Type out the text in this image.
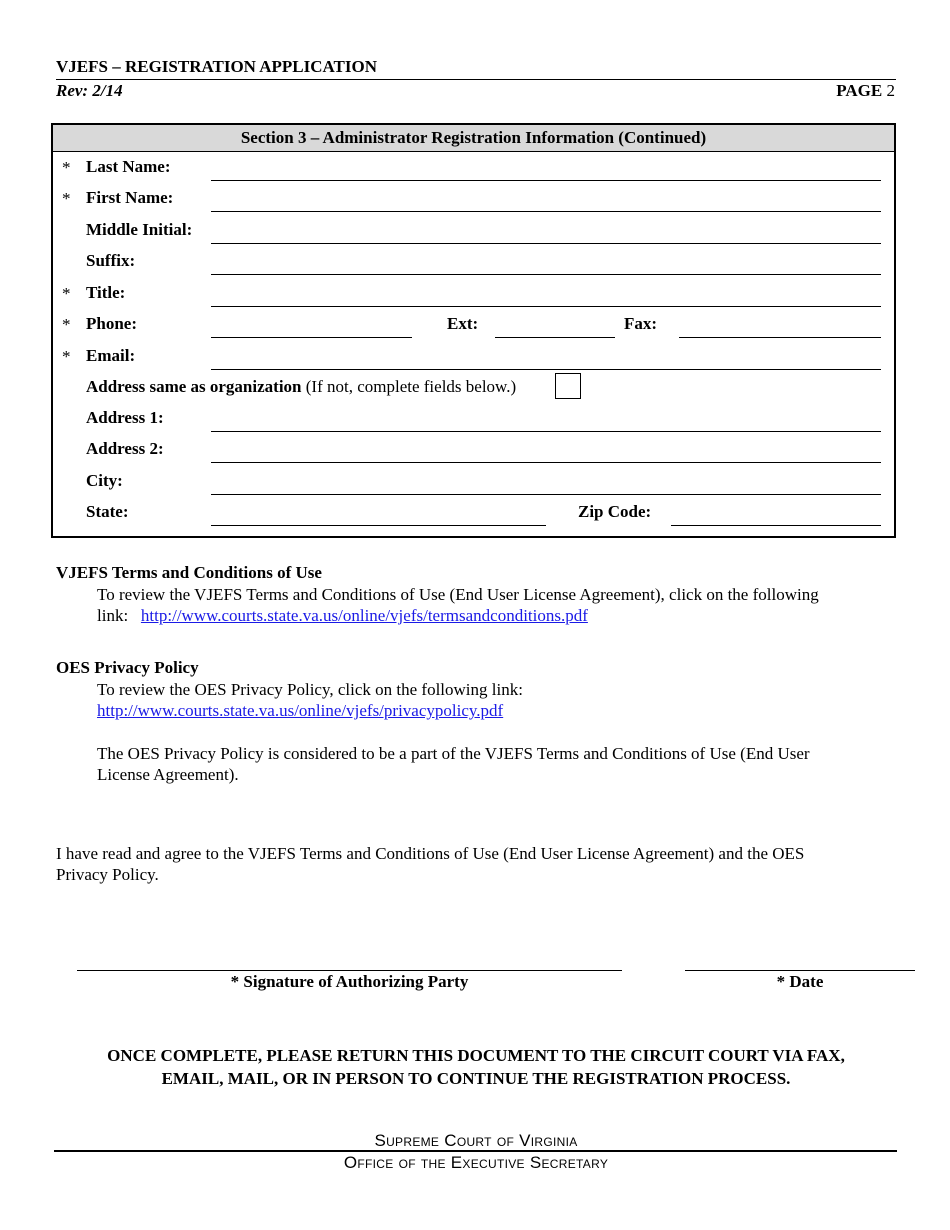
VJEFS – REGISTRATION APPLICATION
Rev: 2/14	PAGE 2
Section 3 – Administrator Registration Information (Continued)
* Last Name:
* First Name:
Middle Initial:
Suffix:
* Title:
* Phone:	Ext:	Fax:
* Email:
Address same as organization (If not, complete fields below.)
Address 1:
Address 2:
City:
State:	Zip Code:
VJEFS Terms and Conditions of Use
To review the VJEFS Terms and Conditions of Use (End User License Agreement), click on the following
link: http://www.courts.state.va.us/online/vjefs/termsandconditions.pdf
OES Privacy Policy
To review the OES Privacy Policy, click on the following link:
http://www.courts.state.va.us/online/vjefs/privacypolicy.pdf
The OES Privacy Policy is considered to be a part of the VJEFS Terms and Conditions of Use (End User
License Agreement).
I have read and agree to the VJEFS Terms and Conditions of Use (End User License Agreement) and the OES
Privacy Policy.
* Signature of Authorizing Party	* Date
ONCE COMPLETE, PLEASE RETURN THIS DOCUMENT TO THE CIRCUIT COURT VIA FAX,
EMAIL, MAIL, OR IN PERSON TO CONTINUE THE REGISTRATION PROCESS.
Supreme Court of Virginia
Office of the Executive Secretary
